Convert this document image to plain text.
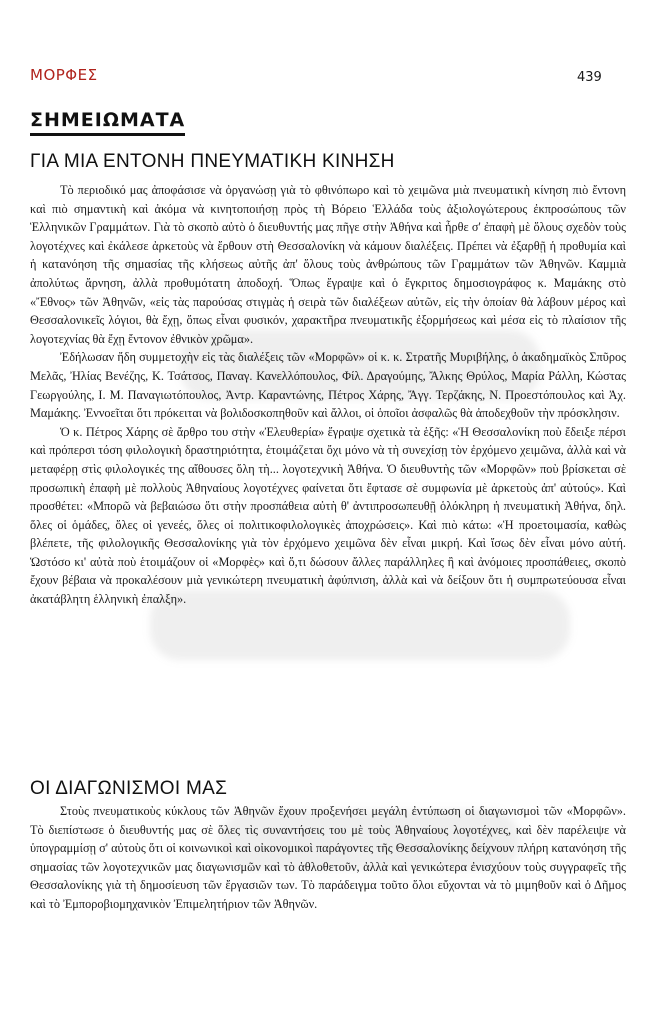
ΜΟΡΦΕΣ	439
ΣΗΜΕΙΩΜΑΤΑ
ΓΙΑ ΜΙΑ ΕΝΤΟΝΗ ΠΝΕΥΜΑΤΙΚΗ ΚΙΝΗΣΗ

Τὸ περιοδικό μας ἀποφάσισε νὰ ὀργανώσῃ γιὰ τὸ φθινόπωρο καὶ τὸ χειμῶνα μιὰ πνευματικὴ κίνηση πιὸ ἔντονη καὶ πιὸ σημαντικὴ καὶ ἀκόμα νὰ κινητοποιήσῃ πρὸς τὴ Βόρειο Ἑλλάδα τοὺς ἀξιολογώτερους ἐκπροσώπους τῶν Ἑλληνικῶν Γραμμάτων. Γιὰ τὸ σκοπὸ αὐτὸ ὁ διευθυντής μας πῆγε στὴν Ἀθήνα καὶ ἦρθε σ' ἐπαφὴ μὲ ὅλους σχεδὸν τοὺς λογοτέχνες καὶ ἐκάλεσε ἀρκετοὺς νὰ ἔρθουν στὴ Θεσσαλονίκη νὰ κάμουν διαλέξεις. Πρέπει νὰ ἐξαρθῇ ἡ προθυμία καὶ ἡ κατανόηση τῆς σημασίας τῆς κλήσεως αὐτῆς ἀπ' ὅλους τοὺς ἀνθρώπους τῶν Γραμμάτων τῶν Ἀθηνῶν. Καμμιὰ ἀπολύτως ἄρνηση, ἀλλὰ προθυμότατη ἀποδοχή. Ὅπως ἔγραψε καὶ ὁ ἔγκριτος δημοσιογράφος κ. Μαμάκης στὸ «Ἔθνος» τῶν Ἀθηνῶν, «εἰς τὰς παρούσας στιγμὰς ἡ σειρὰ τῶν διαλέξεων αὐτῶν, εἰς τὴν ὁποίαν θὰ λάβουν μέρος καὶ Θεσσαλονικεῖς λόγιοι, θὰ ἔχῃ, ὅπως εἶναι φυσικόν, χαρακτῆρα πνευματικῆς ἐξορμήσεως καὶ μέσα εἰς τὸ πλαίσιον τῆς λογοτεχνίας θὰ ἔχῃ ἔντονον ἐθνικὸν χρῶμα».

Ἐδήλωσαν ἤδη συμμετοχὴν εἰς τὰς διαλέξεις τῶν «Μορφῶν» οἱ κ. κ. Στρατῆς Μυριβήλης, ὁ ἀκαδημαϊκὸς Σπῦρος Μελᾶς, Ἠλίας Βενέζης, Κ. Τσάτσος, Παναγ. Κανελλόπουλος, Φίλ. Δραγούμης, Ἄλκης Θρύλος, Μαρία Ράλλη, Κώστας Γεωργούλης, Ι. Μ. Παναγιωτόπουλος, Ἀντρ. Καραντώνης, Πέτρος Χάρης, Ἄγγ. Τερζάκης, Ν. Προεστόπουλος καὶ Ἀχ. Μαμάκης. Ἐννοεῖται ὅτι πρόκειται νὰ βολιδοσκοπηθοῦν καὶ ἄλλοι, οἱ ὁποῖοι ἀσφαλῶς θὰ ἀποδεχθοῦν τὴν πρόσκλησιν.

Ὁ κ. Πέτρος Χάρης σὲ ἄρθρο του στὴν «Ἐλευθερία» ἔγραψε σχετικὰ τὰ ἑξῆς: «Ἡ Θεσσαλονίκη ποὺ ἔδειξε πέρσι καὶ πρόπερσι τόση φιλολογικὴ δραστηριότητα, ἑτοιμάζεται ὄχι μόνο νὰ τὴ συνεχίσῃ τὸν ἐρχόμενο χειμῶνα, ἀλλὰ καὶ νὰ μεταφέρῃ στὶς φιλολογικές της αἴθουσες ὅλη τὴ... λογοτεχνικὴ Ἀθήνα. Ὁ διευθυντὴς τῶν «Μορφῶν» ποὺ βρίσκεται σὲ προσωπικὴ ἐπαφὴ μὲ πολλοὺς Ἀθηναίους λογοτέχνες φαίνεται ὅτι ἔφτασε σὲ συμφωνία μὲ ἀρκετοὺς ἀπ' αὐτούς». Καὶ προσθέτει: «Μπορῶ νὰ βεβαιώσω ὅτι στὴν προσπάθεια αὐτὴ θ' ἀντιπροσωπευθῇ ὁλόκληρη ἡ πνευματικὴ Ἀθήνα, δηλ. ὅλες οἱ ὁμάδες, ὅλες οἱ γενεές, ὅλες οἱ πολιτικοφιλολογικὲς ἀποχρώσεις». Καὶ πιὸ κάτω: «Ἡ προετοιμασία, καθὼς βλέπετε, τῆς φιλολογικῆς Θεσσαλονίκης γιὰ τὸν ἐρχόμενο χειμῶνα δὲν εἶναι μικρή. Καὶ ἴσως δὲν εἶναι μόνο αὐτή. Ὡστόσο κι' αὐτὰ ποὺ ἑτοιμάζουν οἱ «Μορφὲς» καὶ ὅ,τι δώσουν ἄλλες παράλληλες ἢ καὶ ἀνόμοιες προσπάθειες, σκοπὸ ἔχουν βέβαια νὰ προκαλέσουν μιὰ γενικώτερη πνευματικὴ ἀφύπνιση, ἀλλὰ καὶ νὰ δείξουν ὅτι ἡ συμπρωτεύουσα εἶναι ἀκατάβλητη ἑλληνικὴ ἐπαλξη».

ΟΙ ΔΙΑΓΩΝΙΣΜΟΙ ΜΑΣ

Στοὺς πνευματικοὺς κύκλους τῶν Ἀθηνῶν ἔχουν προξενήσει μεγάλη ἐντύπωση οἱ διαγωνισμοὶ τῶν «Μορφῶν». Τὸ διεπίστωσε ὁ διευθυντής μας σὲ ὅλες τὶς συναντήσεις του μὲ τοὺς Ἀθηναίους λογοτέχνες, καὶ δὲν παρέλειψε νὰ ὑπογραμμίσῃ σ' αὐτοὺς ὅτι οἱ κοινωνικοὶ καὶ οἰκονομικοὶ παράγοντες τῆς Θεσσαλονίκης δείχνουν πλήρη κατανόηση τῆς σημασίας τῶν λογοτεχνικῶν μας διαγωνισμῶν καὶ τὸ ἀθλοθετοῦν, ἀλλὰ καὶ γενικώτερα ἐνισχύουν τοὺς συγγραφεῖς τῆς Θεσσαλονίκης γιὰ τὴ δημοσίευση τῶν ἔργασιῶν των. Τὸ παράδειγμα τοῦτο ὅλοι εὔχονται νὰ τὸ μιμηθοῦν καὶ ὁ Δῆμος καὶ τὸ Ἐμπορoβιομηχανικὸν Ἐπιμελητήριον τῶν Ἀθηνῶν.
